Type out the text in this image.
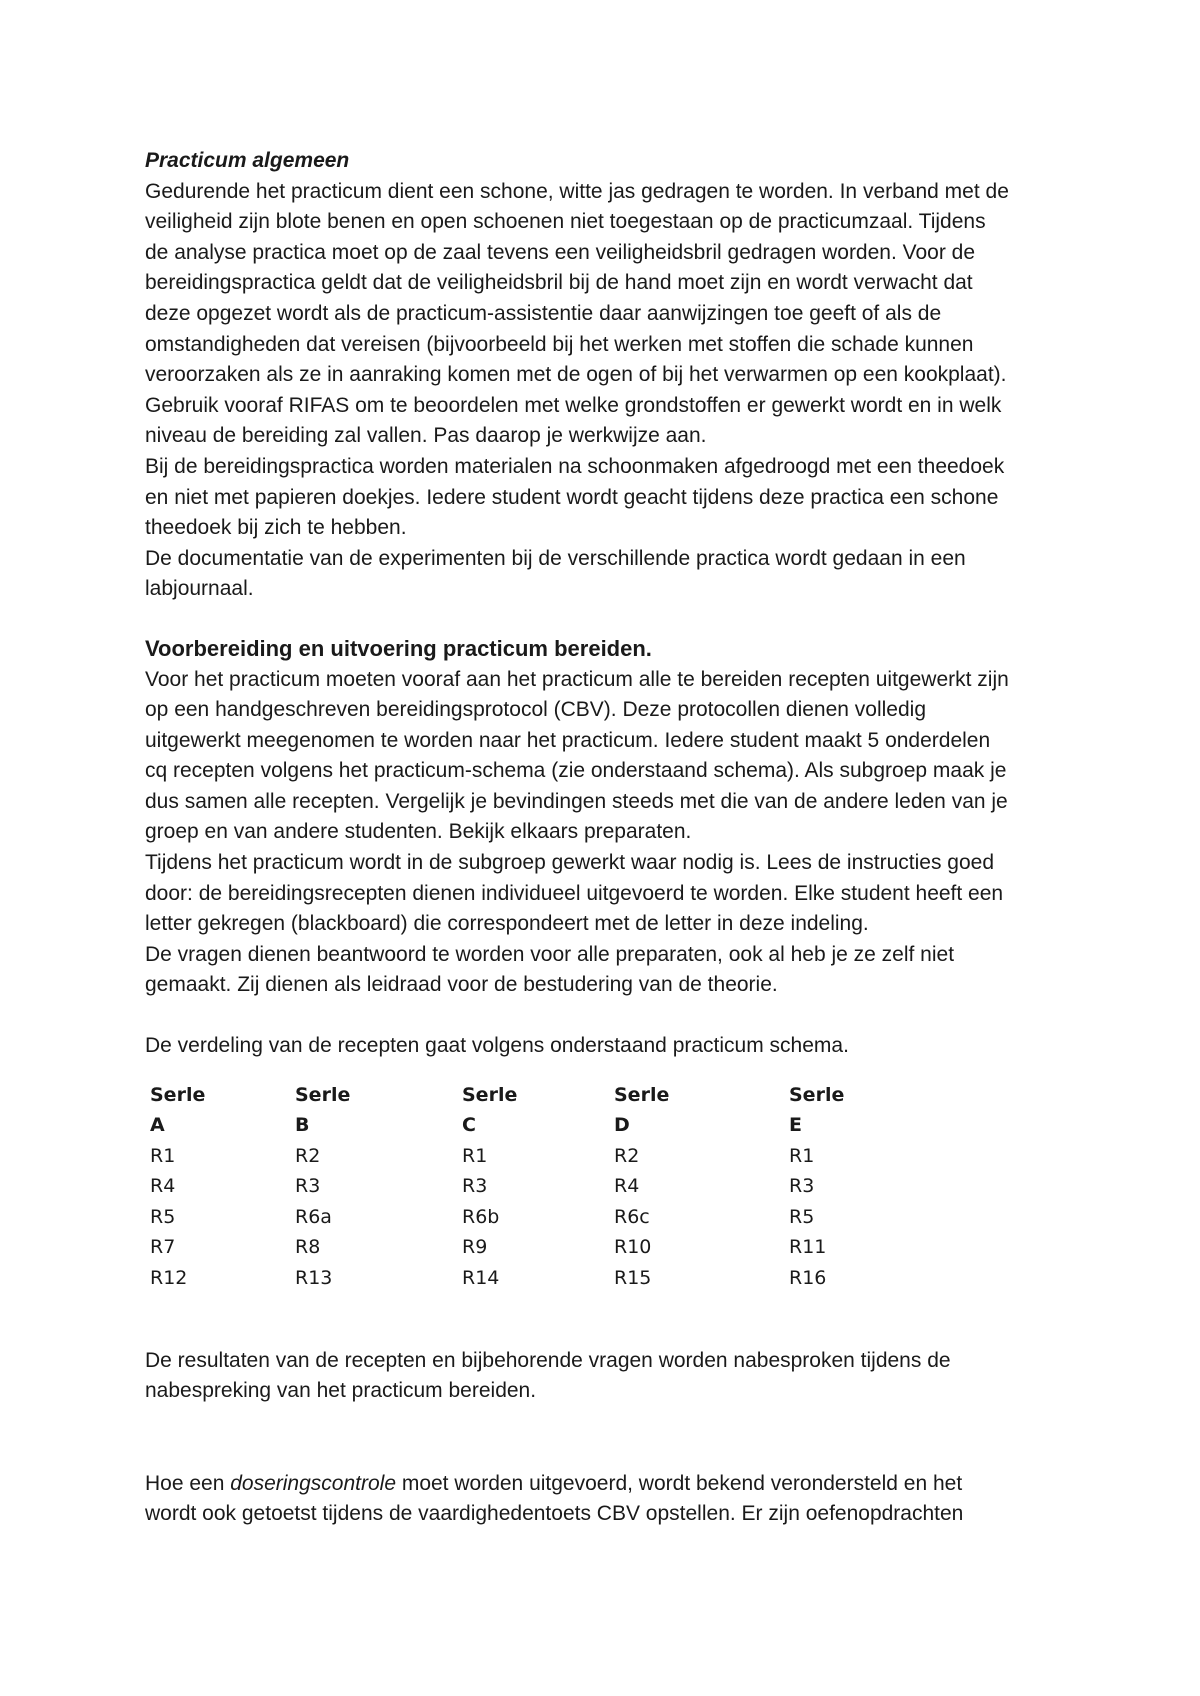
Practicum algemeen

Gedurende het practicum dient een schone, witte jas gedragen te worden. In verband met de

veiligheid zijn blote benen en open schoenen niet toegestaan op de practicumzaal. Tijdens

de analyse practica moet op de zaal tevens een veiligheidsbril gedragen worden. Voor de

bereidingspractica geldt dat de veiligheidsbril bij de hand moet zijn en wordt verwacht dat

deze opgezet wordt als de practicum-assistentie daar aanwijzingen toe geeft of als de

omstandigheden dat vereisen (bijvoorbeeld bij het werken met stoffen die schade kunnen

veroorzaken als ze in aanraking komen met de ogen of bij het verwarmen op een kookplaat).

Gebruik vooraf RIFAS om te beoordelen met welke grondstoffen er gewerkt wordt en in welk

niveau de bereiding zal vallen. Pas daarop je werkwijze aan.

Bij de bereidingspractica worden materialen na schoonmaken afgedroogd met een theedoek

en niet met papieren doekjes. Iedere student wordt geacht tijdens deze practica een schone

theedoek bij zich te hebben.

De documentatie van de experimenten bij de verschillende practica wordt gedaan in een

labjournaal.

Voorbereiding en uitvoering practicum bereiden.

Voor het practicum moeten vooraf aan het practicum alle te bereiden recepten uitgewerkt zijn

op een handgeschreven bereidingsprotocol (CBV). Deze protocollen dienen volledig

uitgewerkt meegenomen te worden naar het practicum. Iedere student maakt 5 onderdelen

cq recepten volgens het practicum-schema (zie onderstaand schema). Als subgroep maak je

dus samen alle recepten. Vergelijk je bevindingen steeds met die van de andere leden van je

groep en van andere studenten. Bekijk elkaars preparaten.

Tijdens het practicum wordt in de subgroep gewerkt waar nodig is. Lees de instructies goed

door: de bereidingsrecepten dienen individueel uitgevoerd te worden. Elke student heeft een

letter gekregen (blackboard) die correspondeert met de letter in deze indeling.

De vragen dienen beantwoord te worden voor alle preparaten, ook al heb je ze zelf niet

gemaakt. Zij dienen als leidraad voor de bestudering van de theorie.

De verdeling van de recepten gaat volgens onderstaand practicum schema.

Serle
A
R1
R4
R5
R7
R12
Serle
B
R2
R3
R6a
R8
R13
Serle
C
R1
R3
R6b
R9
R14
Serle
D
R2
R4
R6c
R10
R15
Serle
E
R1
R3
R5
R11
R16

De resultaten van de recepten en bijbehorende vragen worden nabesproken tijdens de

nabespreking van het practicum bereiden.

Hoe een doseringscontrole moet worden uitgevoerd, wordt bekend verondersteld en het

wordt ook getoetst tijdens de vaardighedentoets CBV opstellen. Er zijn oefenopdrachten
